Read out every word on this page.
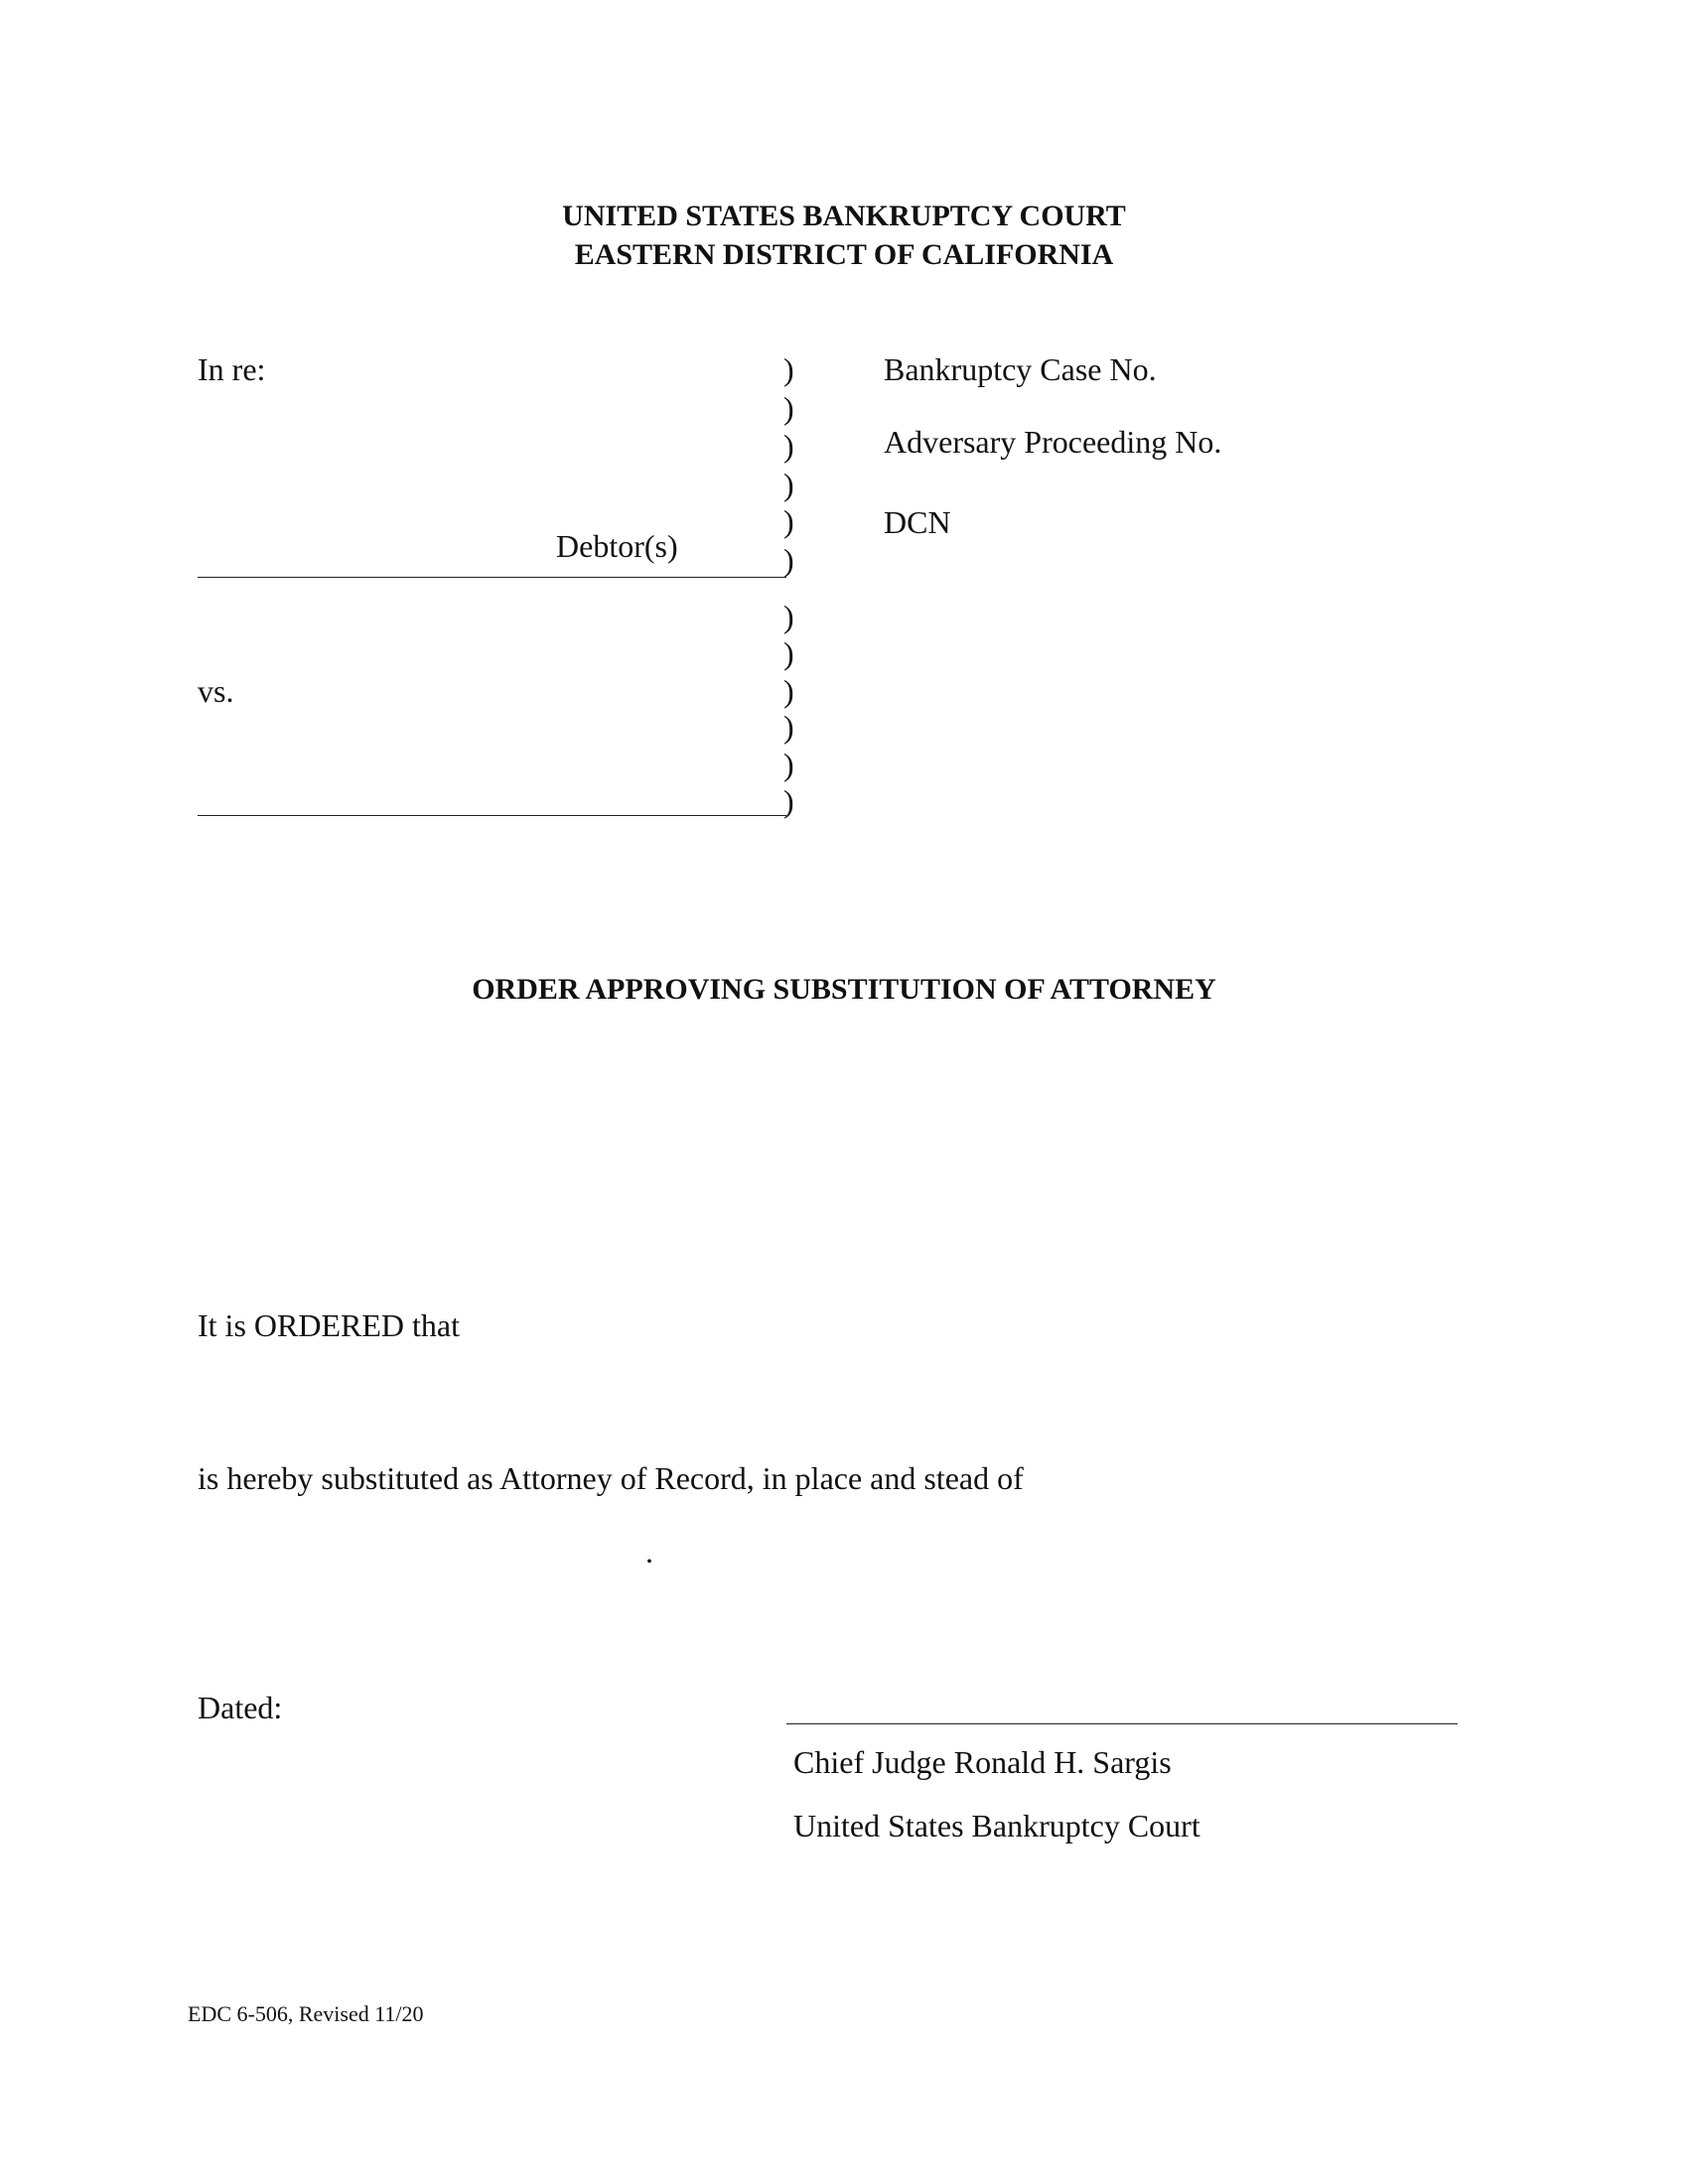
UNITED STATES BANKRUPTCY COURT
EASTERN DISTRICT OF CALIFORNIA
In re:
Debtor(s)
vs.
)
)
)
)
)
)
)
)
)
)
)
)
Bankruptcy Case No.
Adversary Proceeding No.
DCN
ORDER APPROVING SUBSTITUTION OF ATTORNEY
It is ORDERED that
is hereby substituted as Attorney of Record, in place and stead of
.
Dated:
Chief Judge Ronald H. Sargis
United States Bankruptcy Court
EDC 6-506, Revised 11/20
